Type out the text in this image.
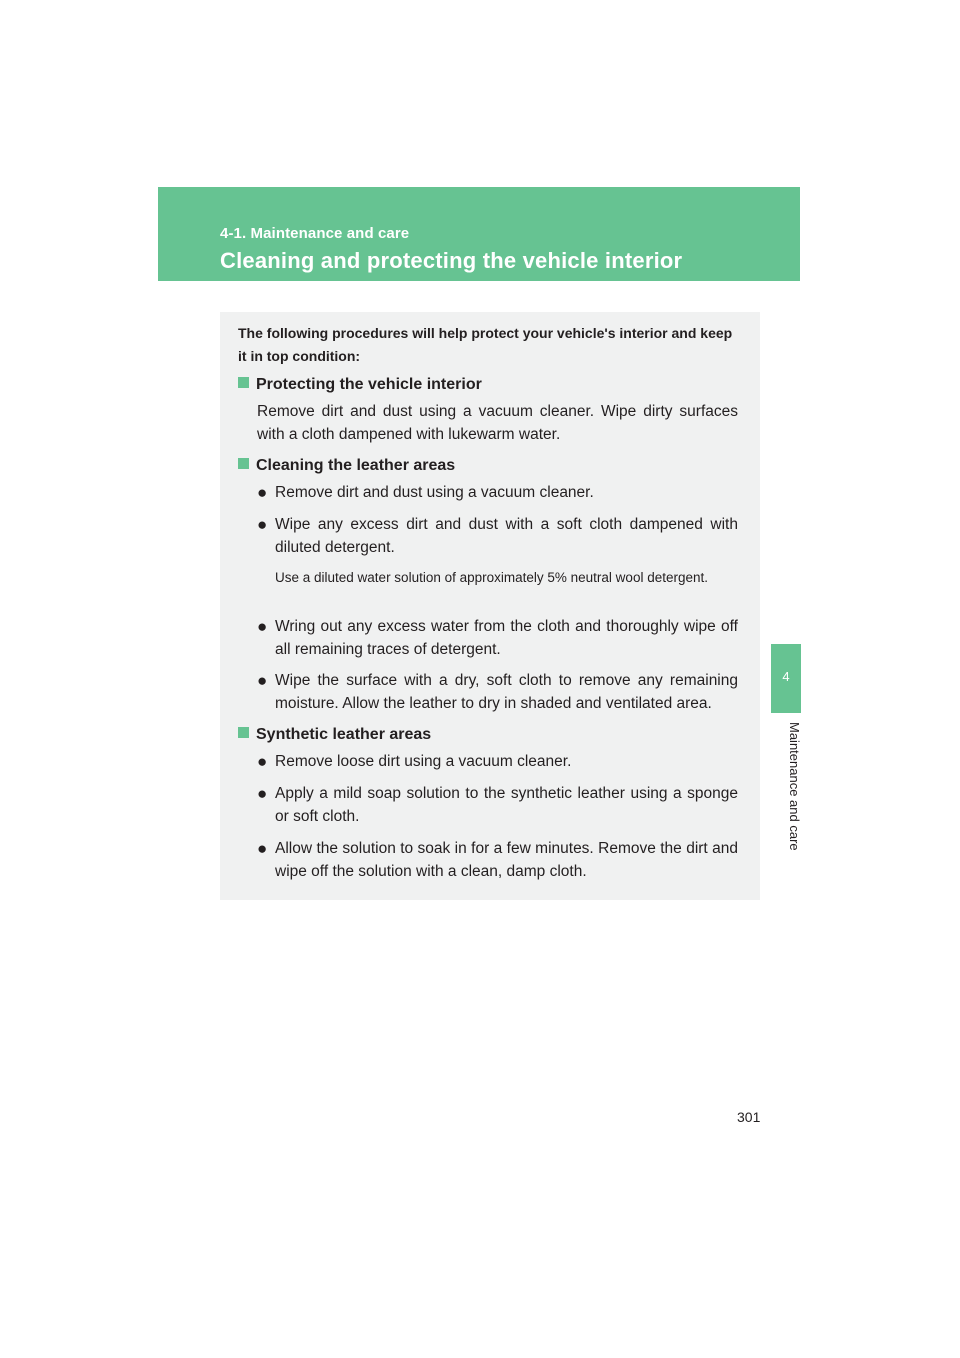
4-1. Maintenance and care
Cleaning and protecting the vehicle interior
4
Maintenance and care
The following procedures will help protect your vehicle's interior and keep it in top condition:
Protecting the vehicle interior
Remove dirt and dust using a vacuum cleaner. Wipe dirty surfaces with a cloth dampened with lukewarm water.
Cleaning the leather areas
● Remove dirt and dust using a vacuum cleaner.
● Wipe any excess dirt and dust with a soft cloth dampened with diluted detergent.
Use a diluted water solution of approximately 5% neutral wool detergent.
● Wring out any excess water from the cloth and thoroughly wipe off all remaining traces of detergent.
● Wipe the surface with a dry, soft cloth to remove any remaining moisture. Allow the leather to dry in shaded and ventilated area.
Synthetic leather areas
● Remove loose dirt using a vacuum cleaner.
● Apply a mild soap solution to the synthetic leather using a sponge or soft cloth.
● Allow the solution to soak in for a few minutes. Remove the dirt and wipe off the solution with a clean, damp cloth.
301
